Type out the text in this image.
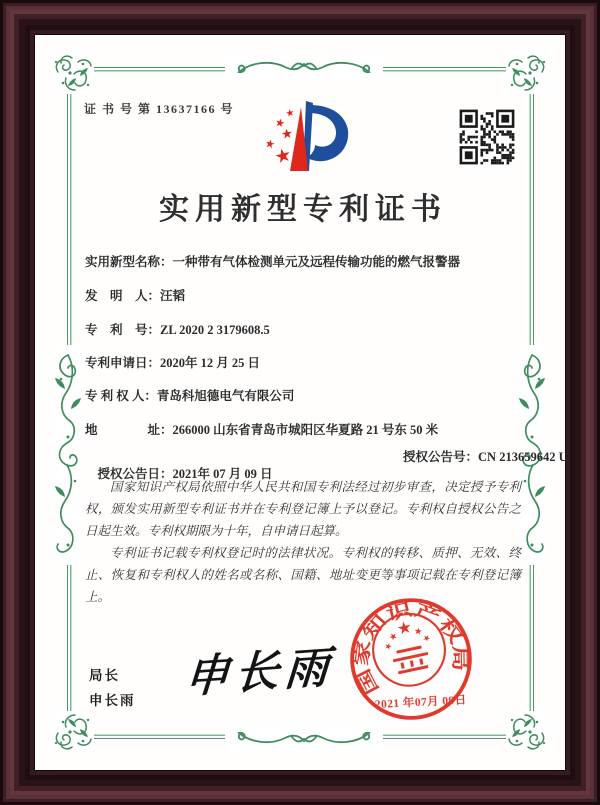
证 书 号 第 13637166 号
实用新型专利证书
实用新型名称：一种带有气体检测单元及远程传输功能的燃气报警器
发　明　人：汪韬
专　利　号：ZL 2020 2 3179608.5
专利申请日：2020年 12 月 25 日
专 利 权 人：青岛科旭德电气有限公司
地　　　　址：266000 山东省青岛市城阳区华夏路 21 号东 50 米

授权公告日：2021年 07 月 09 日
授权公告号：CN 213659642 U

国家知识产权局依照中华人民共和国专利法经过初步审查，决定授予专利权，颁发实用新型专利证书并在专利登记簿上予以登记。专利权自授权公告之日起生效。专利权期限为十年，自申请日起算。

专利证书记载专利权登记时的法律状况。专利权的转移、质押、无效、终止、恢复和专利权人的姓名或名称、国籍、地址变更等事项记载在专利登记簿上。

局长
申长雨 申长雨 国家知识产权局
2021 年07月 09日
